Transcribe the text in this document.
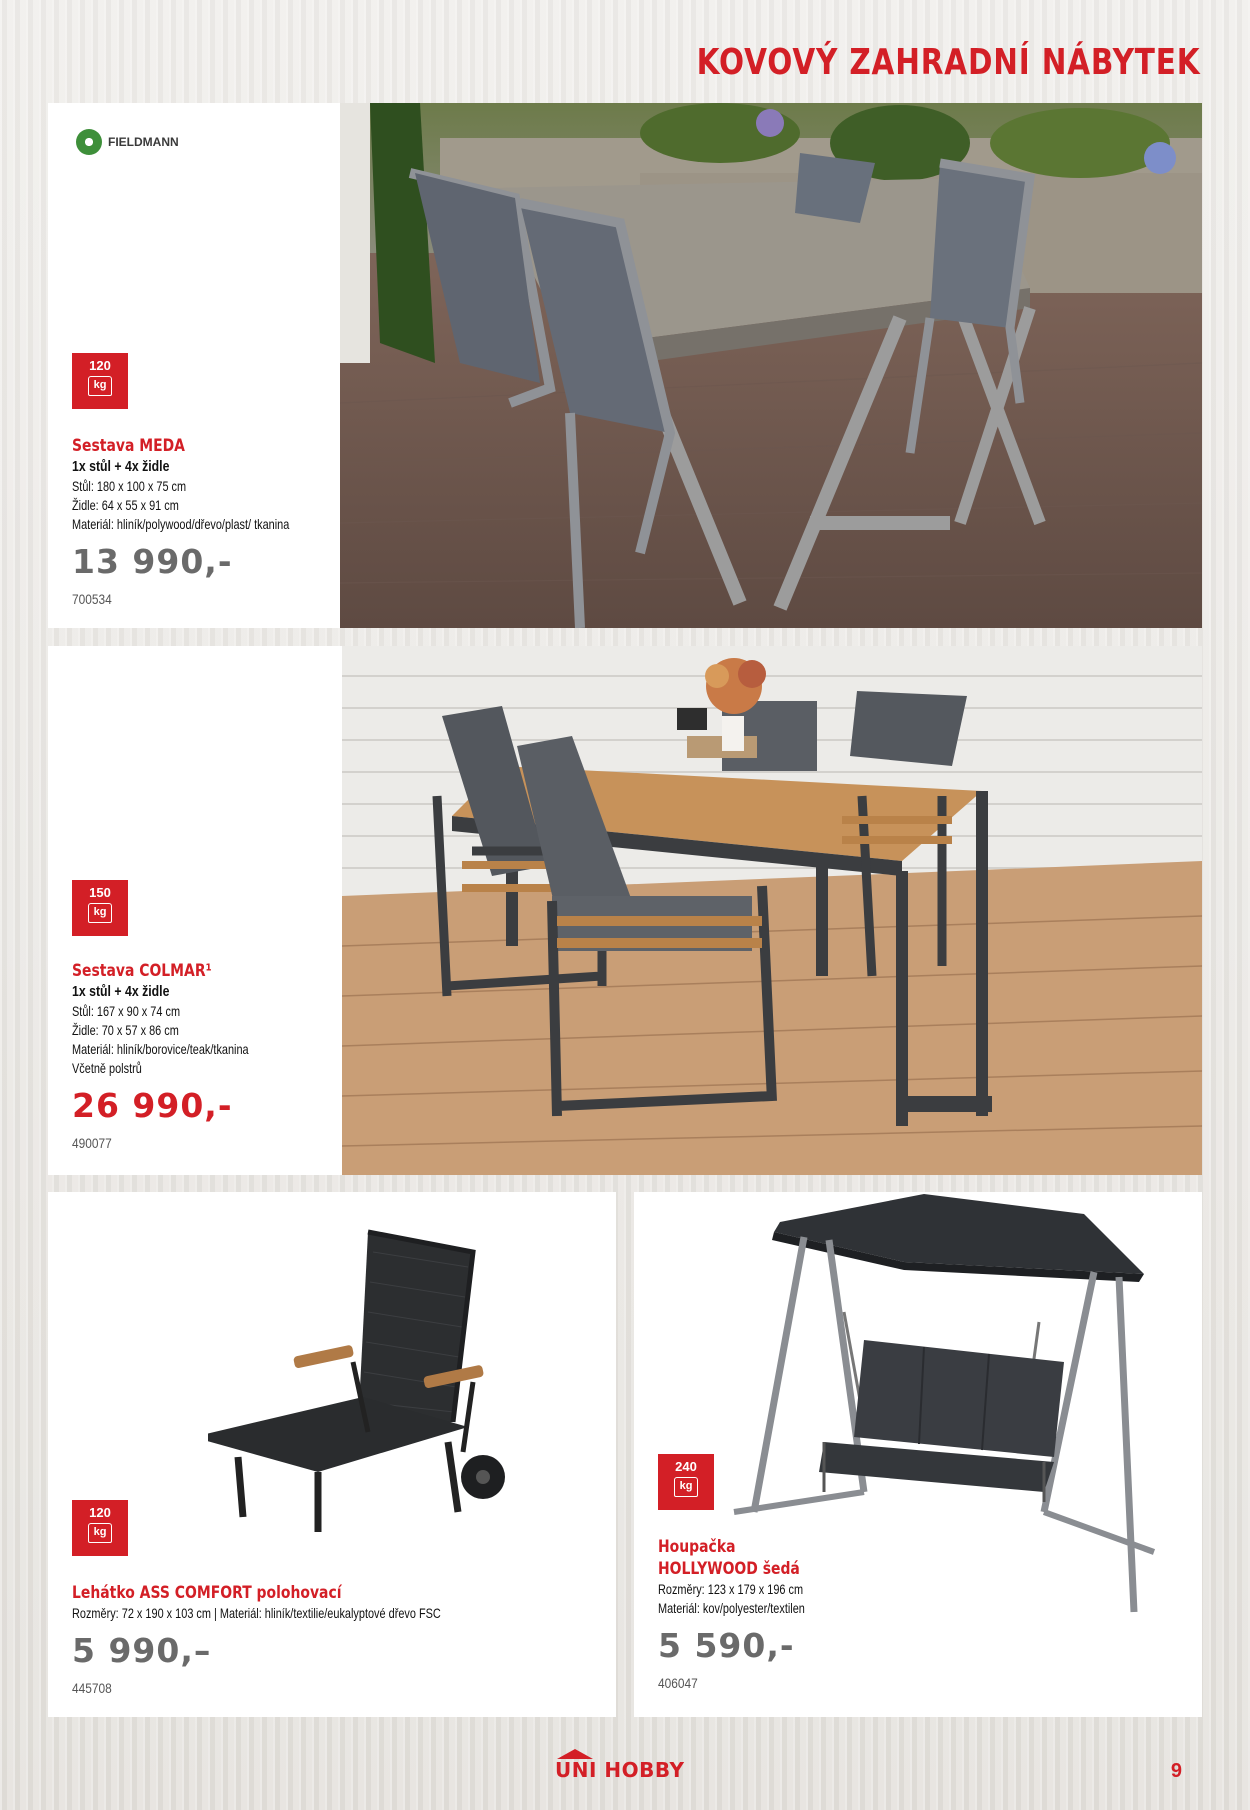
KOVOVÝ ZAHRADNÍ NÁBYTEK
FIELDMANN
120
kg
Sestava MEDA
1x stůl + 4x židle
Stůl: 180 x 100 x 75 cm
Židle: 64 x 55 x 91 cm
Materiál: hliník/polywood/dřevo/plast/ tkanina
13 990,-
700534
150
kg
Sestava COLMAR¹
1x stůl + 4x židle
Stůl: 167 x 90 x 74 cm
Židle: 70 x 57 x 86 cm
Materiál: hliník/borovice/teak/tkanina
Včetně polstrů
26 990,-
490077
120
kg
Lehátko ASS COMFORT polohovací
Rozměry: 72 x 190 x 103 cm | Materiál: hliník/textilie/eukalyptové dřevo FSC
5 990,–
445708
240
kg
Houpačka
HOLLYWOOD šedá
Rozměry: 123 x 179 x 196 cm
Materiál: kov/polyester/textilen
5 590,-
406047
UNI HOBBY	9
